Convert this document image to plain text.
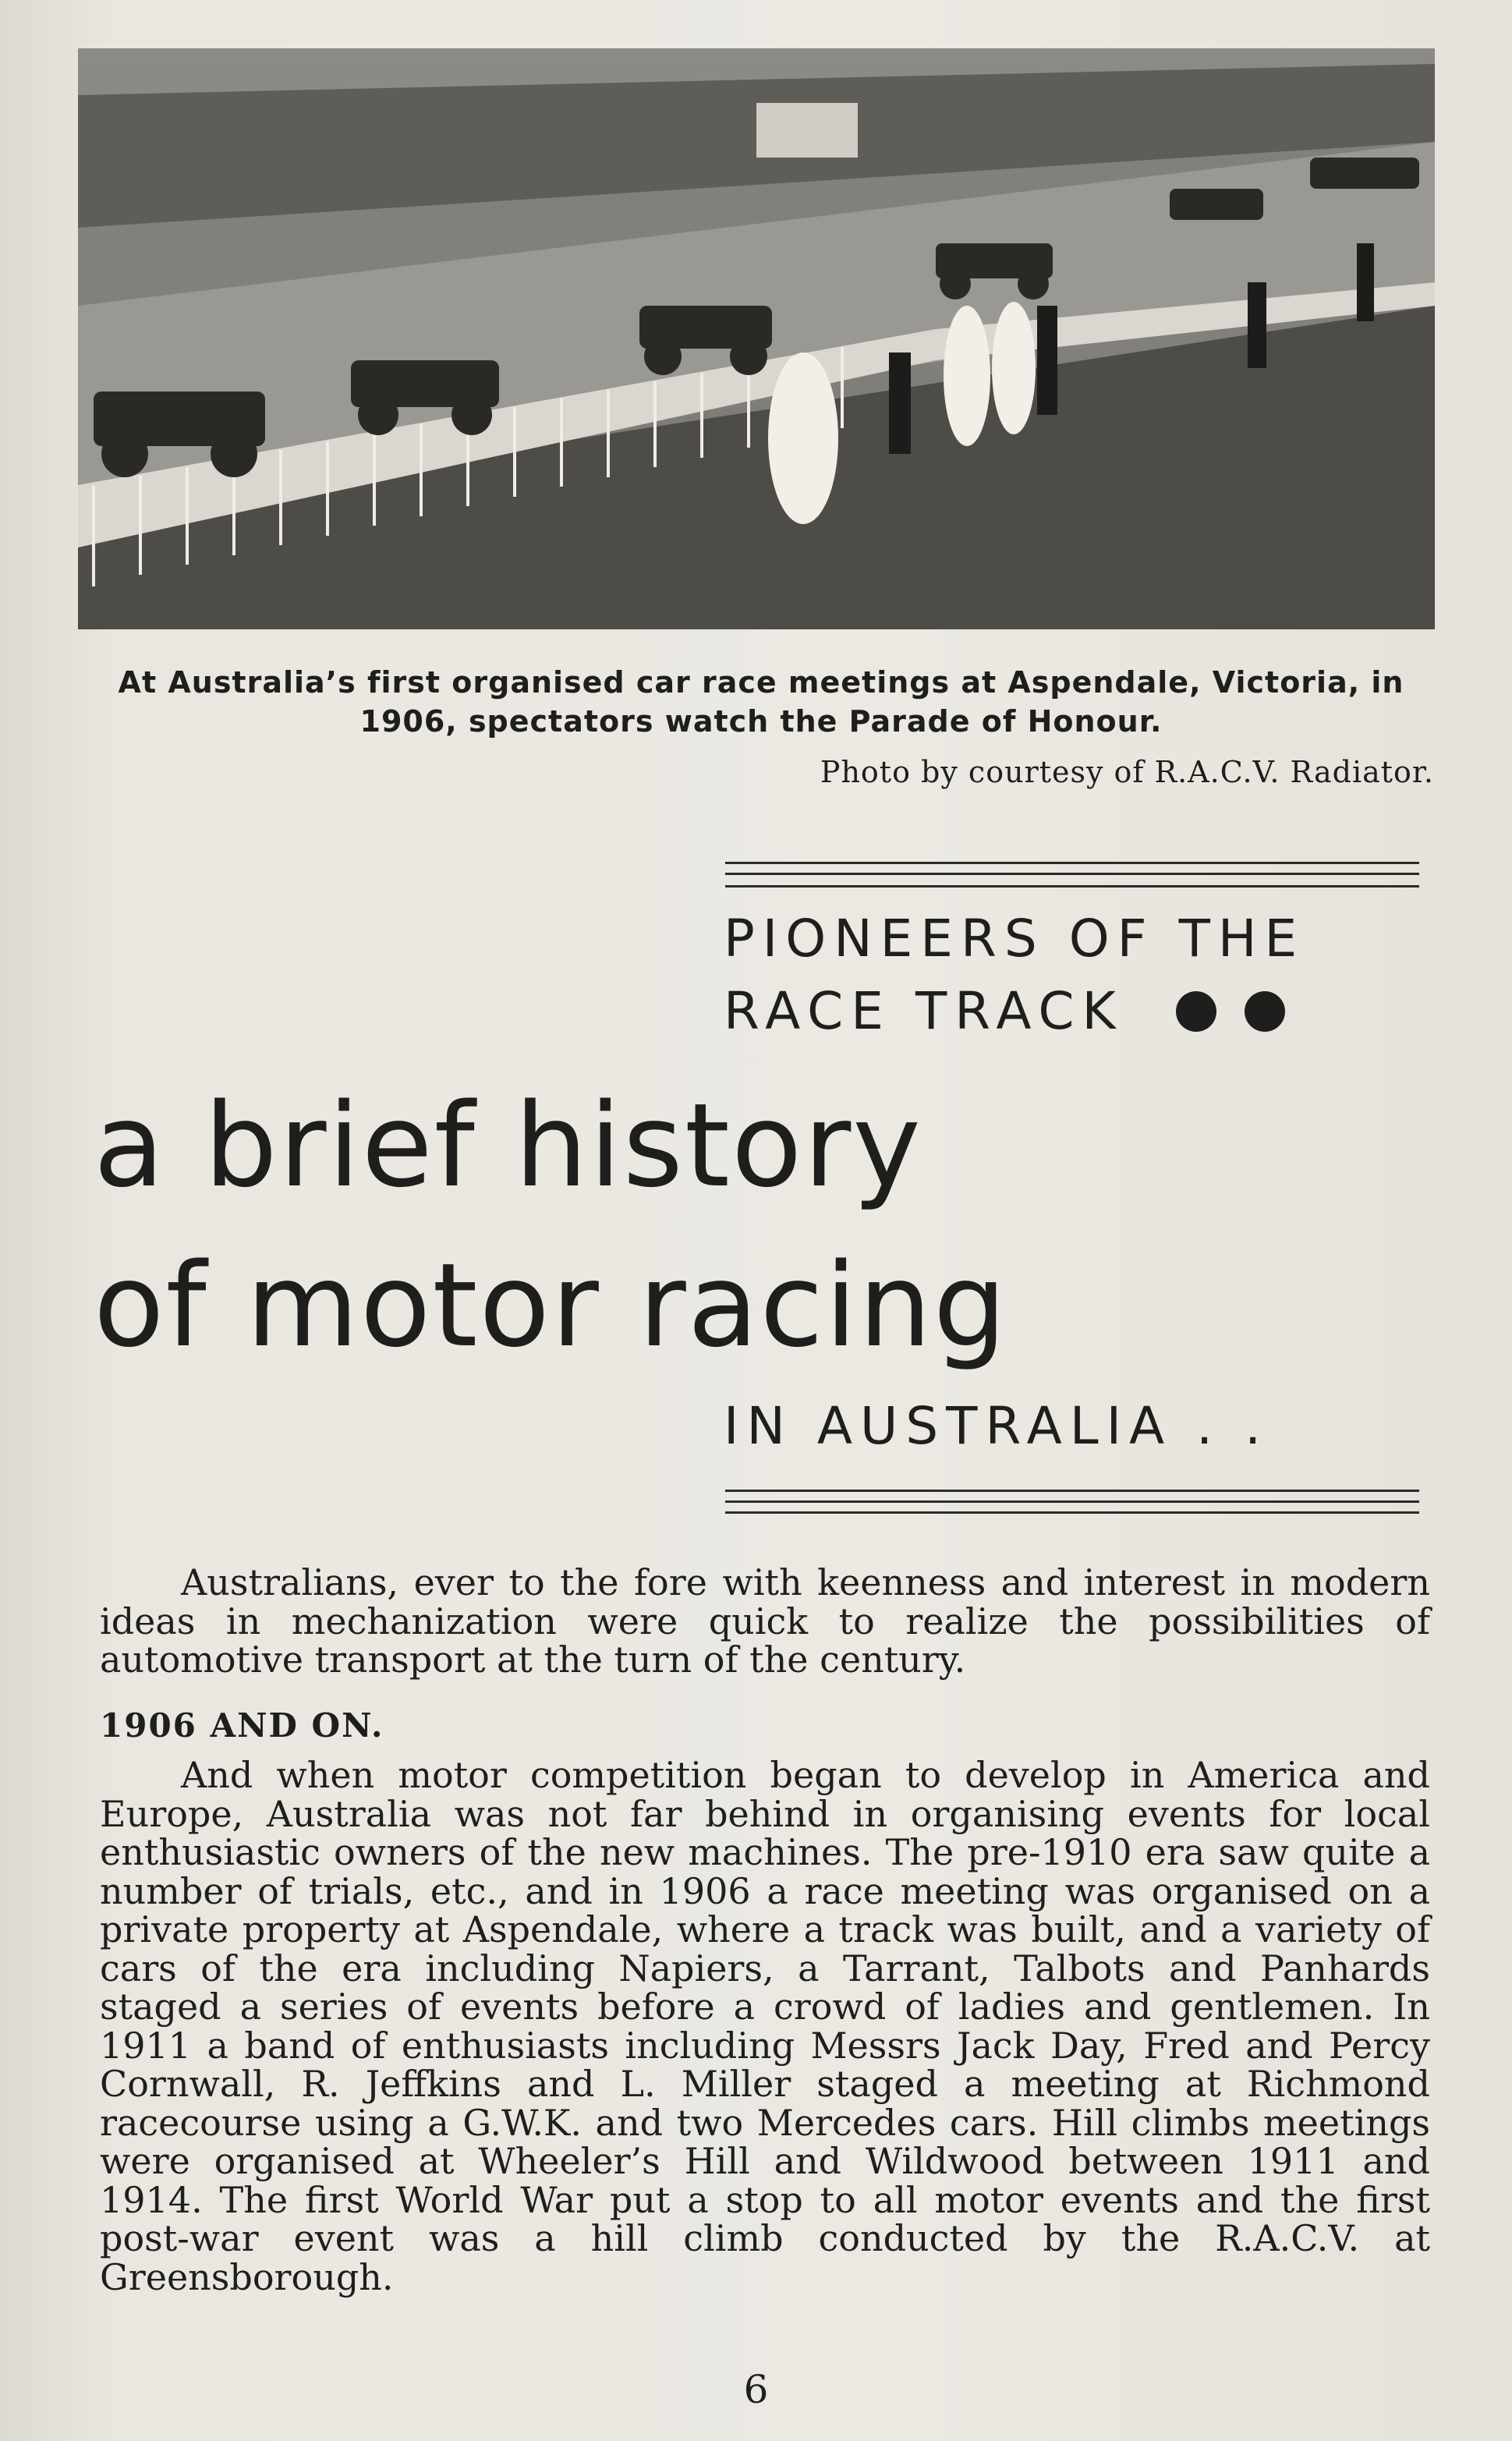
At Australia’s first organised car race meetings at Aspendale, Victoria, in 1906, spectators watch the Parade of Honour.
Photo by courtesy of R.A.C.V. Radiator.
PIONEERS OF THE
RACE TRACK
a brief history
of motor racing
IN AUSTRALIA . .
Australians, ever to the fore with keenness and interest in modern ideas in mechanization were quick to realize the possibilities of automotive transport at the turn of the century.
1906 AND ON.
And when motor competition began to develop in America and Europe, Australia was not far behind in organising events for local enthusiastic owners of the new machines. The pre-1910 era saw quite a number of trials, etc., and in 1906 a race meeting was organised on a private property at Aspendale, where a track was built, and a variety of cars of the era including Napiers, a Tarrant, Talbots and Panhards staged a series of events before a crowd of ladies and gentlemen. In 1911 a band of enthusiasts including Messrs Jack Day, Fred and Percy Cornwall, R. Jeffkins and L. Miller staged a meeting at Richmond racecourse using a G.W.K. and two Mercedes cars. Hill climbs meetings were organised at Wheeler’s Hill and Wildwood between 1911 and 1914. The first World War put a stop to all motor events and the first post-war event was a hill climb conducted by the R.A.C.V. at Greensborough.
6
